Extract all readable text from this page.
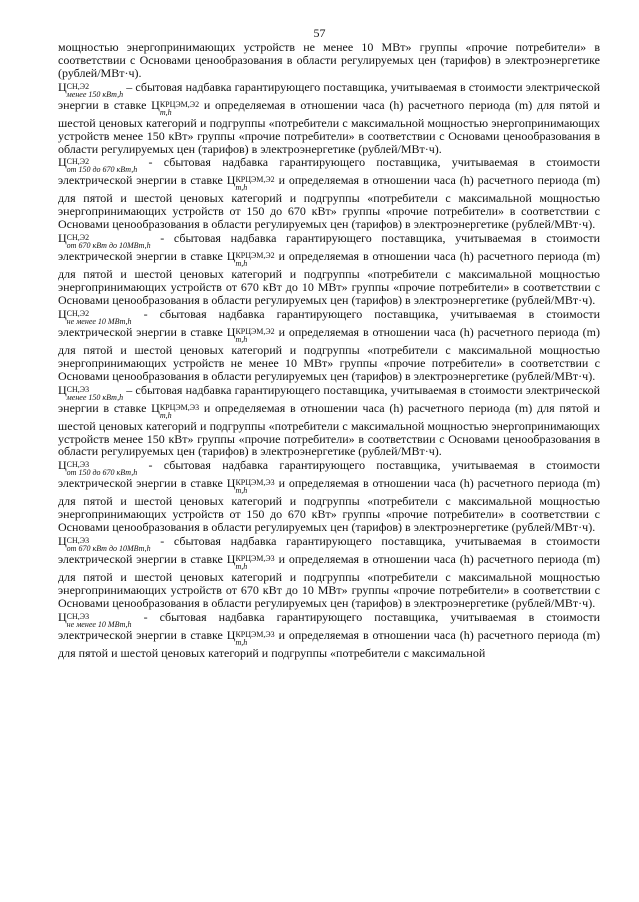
57

мощностью энергопринимающих устройств не менее 10 МВт» группы «прочие потребители» в соответствии с Основами ценообразования в области регулируемых цен (тарифов) в электроэнергетике (рублей/МВт·ч).

Ц СН,Э2
менее 150 кВт,h
– сбытовая надбавка гарантирующего поставщика, учитываемая в стоимости электрической энергии в ставке Ц КРЦЭМ,Э2
m,h
и определяемая в отношении часа (h) расчетного периода (m) для пятой и шестой ценовых категорий и подгруппы «потребители с максимальной мощностью энергопринимающих устройств менее 150 кВт» группы «прочие потребители» в соответствии с Основами ценообразования в области регулируемых цен (тарифов) в электроэнергетике (рублей/МВт·ч).

Ц СН,Э2
от 150 до 670 кВт,h
- сбытовая надбавка гарантирующего поставщика, учитываемая в стоимости электрической энергии в ставке Ц КРЦЭМ,Э2
m,h
и определяемая в отношении часа (h) расчетного периода (m) для пятой и шестой ценовых категорий и подгруппы «потребители с максимальной мощностью энергопринимающих устройств от 150 до 670 кВт» группы «прочие потребители» в соответствии с Основами ценообразования в области регулируемых цен (тарифов) в электроэнергетике (рублей/МВт·ч).

Ц СН,Э2
от 670 кВт до 10МВт,h
- сбытовая надбавка гарантирующего поставщика, учитываемая в стоимости электрической энергии в ставке Ц КРЦЭМ,Э2
m,h
и определяемая в отношении часа (h) расчетного периода (m) для пятой и шестой ценовых категорий и подгруппы «потребители с максимальной мощностью энергопринимающих устройств от 670 кВт до 10 МВт» группы «прочие потребители» в соответствии с Основами ценообразования в области регулируемых цен (тарифов) в электроэнергетике (рублей/МВт·ч).

Ц СН,Э2
не менее 10 МВт,h
- сбытовая надбавка гарантирующего поставщика, учитываемая в стоимости электрической энергии в ставке Ц КРЦЭМ,Э2
m,h
и определяемая в отношении часа (h) расчетного периода (m) для пятой и шестой ценовых категорий и подгруппы «потребители с максимальной мощностью энергопринимающих устройств не менее 10 МВт» группы «прочие потребители» в соответствии с Основами ценообразования в области регулируемых цен (тарифов) в электроэнергетике (рублей/МВт·ч).

Ц СН,Э3
менее 150 кВт,h
– сбытовая надбавка гарантирующего поставщика, учитываемая в стоимости электрической энергии в ставке Ц КРЦЭМ,Э3
m,h
и определяемая в отношении часа (h) расчетного периода (m) для пятой и шестой ценовых категорий и подгруппы «потребители с максимальной мощностью энергопринимающих устройств менее 150 кВт» группы «прочие потребители» в соответствии с Основами ценообразования в области регулируемых цен (тарифов) в электроэнергетике (рублей/МВт·ч).

Ц СН,Э3
от 150 до 670 кВт,h
- сбытовая надбавка гарантирующего поставщика, учитываемая в стоимости электрической энергии в ставке Ц КРЦЭМ,Э3
m,h
и определяемая в отношении часа (h) расчетного периода (m) для пятой и шестой ценовых категорий и подгруппы «потребители с максимальной мощностью энергопринимающих устройств от 150 до 670 кВт» группы «прочие потребители» в соответствии с Основами ценообразования в области регулируемых цен (тарифов) в электроэнергетике (рублей/МВт·ч).

Ц СН,Э3
от 670 кВт до 10МВт,h
- сбытовая надбавка гарантирующего поставщика, учитываемая в стоимости электрической энергии в ставке Ц КРЦЭМ,Э3
m,h
и определяемая в отношении часа (h) расчетного периода (m) для пятой и шестой ценовых категорий и подгруппы «потребители с максимальной мощностью энергопринимающих устройств от 670 кВт до 10 МВт» группы «прочие потребители» в соответствии с Основами ценообразования в области регулируемых цен (тарифов) в электроэнергетике (рублей/МВт·ч).

Ц СН,Э3
не менее 10 МВт,h
- сбытовая надбавка гарантирующего поставщика, учитываемая в стоимости электрической энергии в ставке Ц КРЦЭМ,Э3
m,h
и определяемая в отношении часа (h) расчетного периода (m) для пятой и шестой ценовых категорий и подгруппы «потребители с максимальной
